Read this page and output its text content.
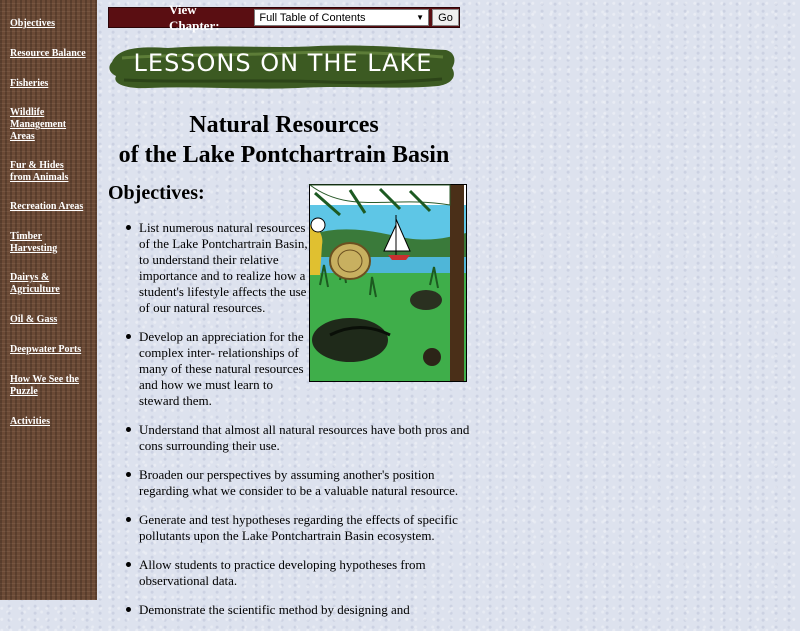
Objectives
Resource Balance
Fisheries
Wildlife Management Areas
Fur & Hides from Animals
Recreation Areas
Timber Harvesting
Dairys & Agriculture
Oil & Gass
Deepwater Ports
How We See the Puzzle
Activities
View Chapter:	Full Table of Contents	▼	Go
LESSONS ON THE LAKE
Natural Resources
of the Lake Pontchartrain Basin
Objectives:
List numerous natural resources of the Lake Pontchartrain Basin, to understand their relative importance and to realize how a student's lifestyle affects the use of our natural resources.
Develop an appreciation for the complex inter- relationships of many of these natural resources and how we must learn to steward them.
Understand that almost all natural resources have both pros and cons surrounding their use.
Broaden our perspectives by assuming another's position regarding what we consider to be a valuable natural resource.
Generate and test hypotheses regarding the effects of specific pollutants upon the Lake Pontchartrain Basin ecosystem.
Allow students to practice developing hypotheses from observational data.
Demonstrate the scientific method by designing and
